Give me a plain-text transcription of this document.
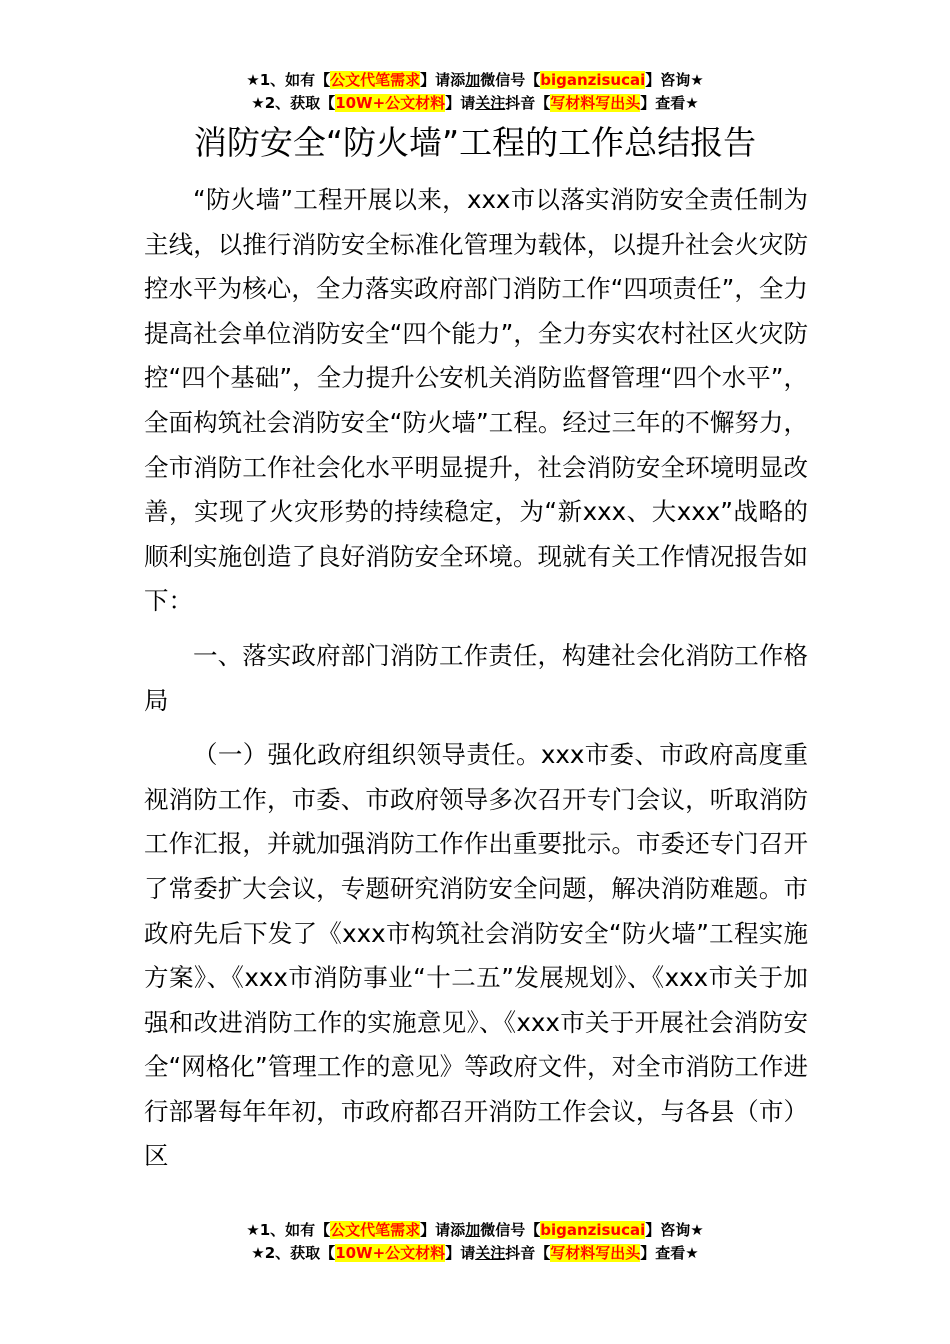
★1、如有【公文代笔需求】请添加微信号【biganzisucai】咨询★
★2、获取【10W+公文材料】请关注抖音【写材料写出头】查看★
消防安全“防火墙”工程的工作总结报告

“防火墙”工程开展以来，xxx市以落实消防安全责任制为主线，以推行消防安全标准化管理为载体，以提升社会火灾防控水平为核心，全力落实政府部门消防工作“四项责任”，全力提高社会单位消防安全“四个能力”，全力夯实农村社区火灾防控“四个基础”，全力提升公安机关消防监督管理“四个水平”，全面构筑社会消防安全“防火墙”工程。经过三年的不懈努力，全市消防工作社会化水平明显提升，社会消防安全环境明显改善，实现了火灾形势的持续稳定，为“新xxx、大xxx”战略的顺利实施创造了良好消防安全环境。现就有关工作情况报告如下：

一、落实政府部门消防工作责任，构建社会化消防工作格局

（一）强化政府组织领导责任。xxx市委、市政府高度重视消防工作，市委、市政府领导多次召开专门会议，听取消防工作汇报，并就加强消防工作作出重要批示。市委还专门召开了常委扩大会议，专题研究消防安全问题，解决消防难题。市政府先后下发了《xxx市构筑社会消防安全“防火墙”工程实施方案》、《xxx市消防事业“十二五”发展规划》、《xxx市关于加强和改进消防工作的实施意见》、《xxx市关于开展社会消防安全“网格化”管理工作的意见》等政府文件，对全市消防工作进行部署每年年初，市政府都召开消防工作会议，与各县（市）区

★1、如有【公文代笔需求】请添加微信号【biganzisucai】咨询★
★2、获取【10W+公文材料】请关注抖音【写材料写出头】查看★
